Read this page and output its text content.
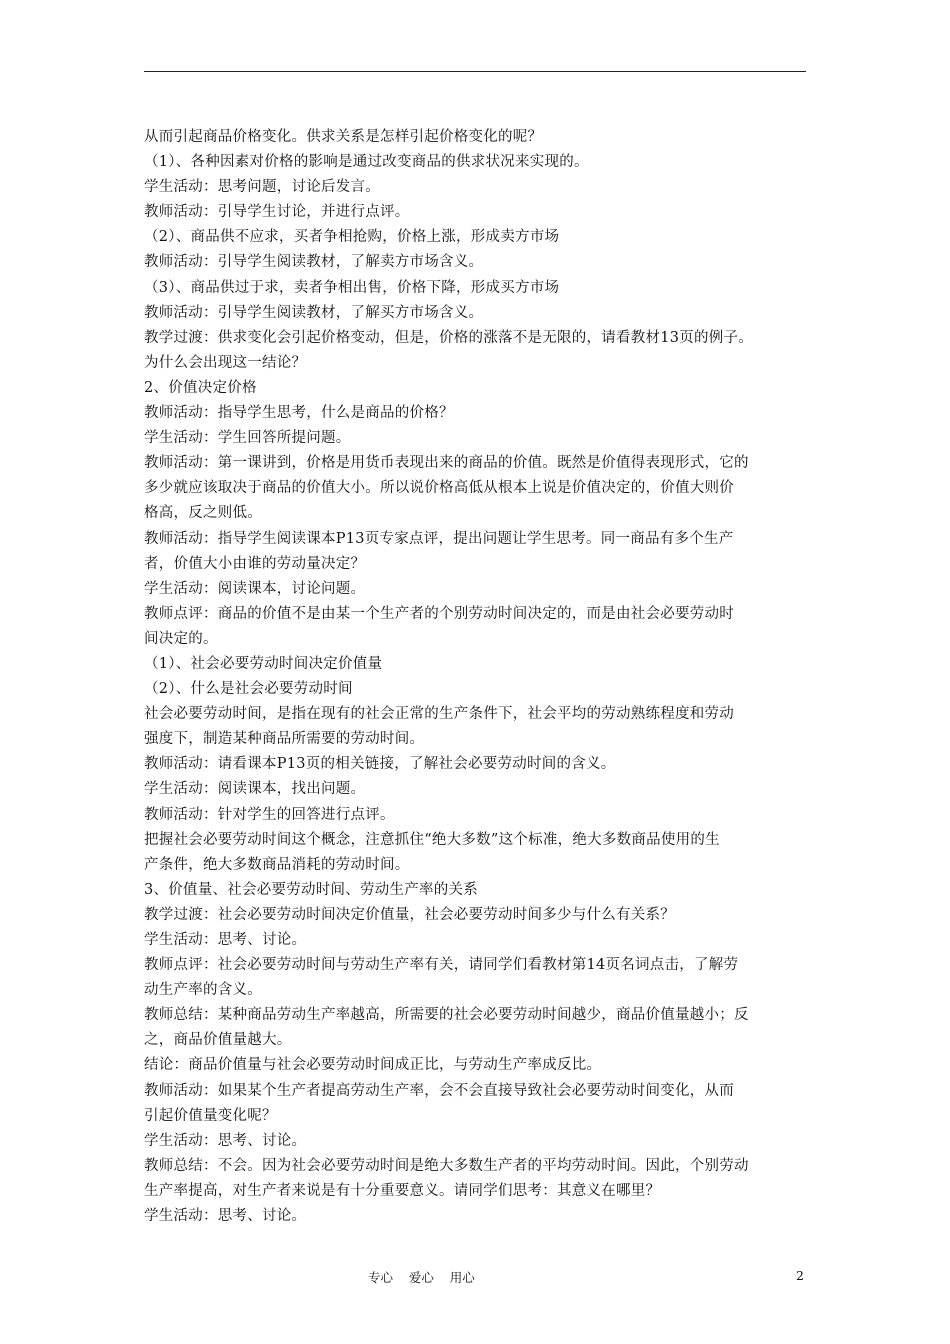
从而引起商品价格变化。供求关系是怎样引起价格变化的呢？
（1）、各种因素对价格的影响是通过改变商品的供求状况来实现的。
学生活动：思考问题，讨论后发言。
教师活动：引导学生讨论，并进行点评。
（2）、商品供不应求，买者争相抢购，价格上涨，形成卖方市场
教师活动：引导学生阅读教材，了解卖方市场含义。
（3）、商品供过于求，卖者争相出售，价格下降，形成买方市场
教师活动：引导学生阅读教材，了解买方市场含义。
教学过渡：供求变化会引起价格变动，但是，价格的涨落不是无限的，请看教材13页的例子。
为什么会出现这一结论？
2、价值决定价格
教师活动：指导学生思考，什么是商品的价格？
学生活动：学生回答所提问题。
教师活动：第一课讲到，价格是用货币表现出来的商品的价值。既然是价值得表现形式，它的
多少就应该取决于商品的价值大小。所以说价格高低从根本上说是价值决定的，价值大则价
格高，反之则低。
教师活动：指导学生阅读课本P13页专家点评，提出问题让学生思考。同一商品有多个生产
者，价值大小由谁的劳动量决定？
学生活动：阅读课本，讨论问题。
教师点评：商品的价值不是由某一个生产者的个别劳动时间决定的，而是由社会必要劳动时
间决定的。
（1）、社会必要劳动时间决定价值量
（2）、什么是社会必要劳动时间
社会必要劳动时间，是指在现有的社会正常的生产条件下，社会平均的劳动熟练程度和劳动
强度下，制造某种商品所需要的劳动时间。
教师活动：请看课本P13页的相关链接，了解社会必要劳动时间的含义。
学生活动：阅读课本，找出问题。
教师活动：针对学生的回答进行点评。
把握社会必要劳动时间这个概念，注意抓住“绝大多数”这个标准，绝大多数商品使用的生
产条件，绝大多数商品消耗的劳动时间。
3、价值量、社会必要劳动时间、劳动生产率的关系
教学过渡：社会必要劳动时间决定价值量，社会必要劳动时间多少与什么有关系？
学生活动：思考、讨论。
教师点评：社会必要劳动时间与劳动生产率有关，请同学们看教材第14页名词点击，了解劳
动生产率的含义。
教师总结：某种商品劳动生产率越高，所需要的社会必要劳动时间越少，商品价值量越小；反
之，商品价值量越大。
结论：商品价值量与社会必要劳动时间成正比，与劳动生产率成反比。
教师活动：如果某个生产者提高劳动生产率，会不会直接导致社会必要劳动时间变化，从而
引起价值量变化呢？
学生活动：思考、讨论。
教师总结：不会。因为社会必要劳动时间是绝大多数生产者的平均劳动时间。因此，个别劳动
生产率提高，对生产者来说是有十分重要意义。请同学们思考：其意义在哪里？
学生活动：思考、讨论。
专心    爱心    用心	2
